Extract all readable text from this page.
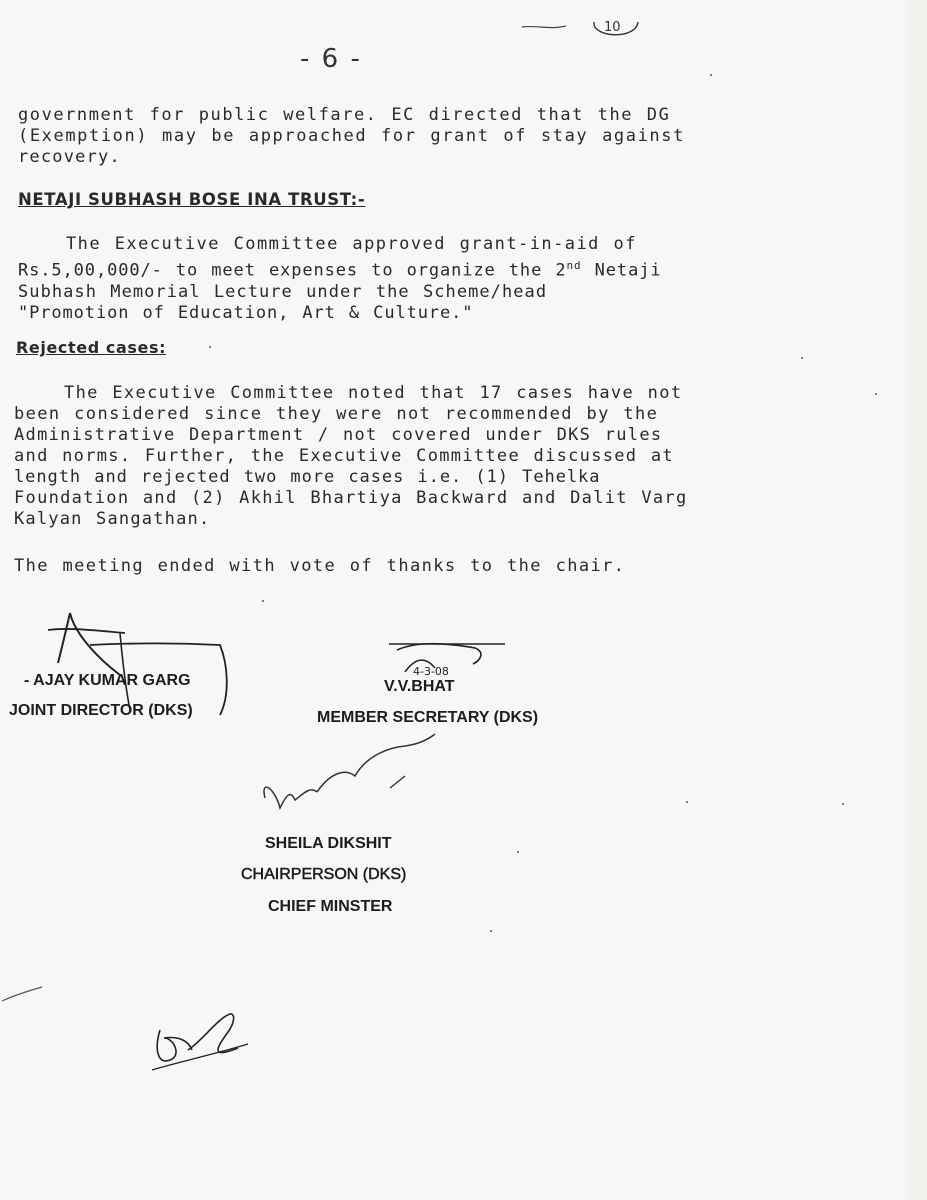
10
- 6 -
government for public welfare. EC directed that the DG
(Exemption) may be approached for grant of stay against
recovery.
NETAJI SUBHASH BOSE INA TRUST:-
The Executive Committee approved grant-in-aid of
Rs.5,00,000/- to meet expenses to organize the 2nd Netaji
Subhash Memorial Lecture under the Scheme/head
"Promotion of Education, Art & Culture."
Rejected cases:
The Executive Committee noted that 17 cases have not
been considered since they were not recommended by the
Administrative Department / not covered under DKS rules
and norms. Further, the Executive Committee discussed at
length and rejected two more cases i.e. (1) Tehelka
Foundation and (2) Akhil Bhartiya Backward and Dalit Varg
Kalyan Sangathan.
The meeting ended with vote of thanks to the chair.
- AJAY KUMAR GARG
JOINT DIRECTOR (DKS)
4-3-08
V.V.BHAT
MEMBER SECRETARY (DKS)
SHEILA DIKSHIT
CHAIRPERSON (DKS)
CHIEF MINSTER
